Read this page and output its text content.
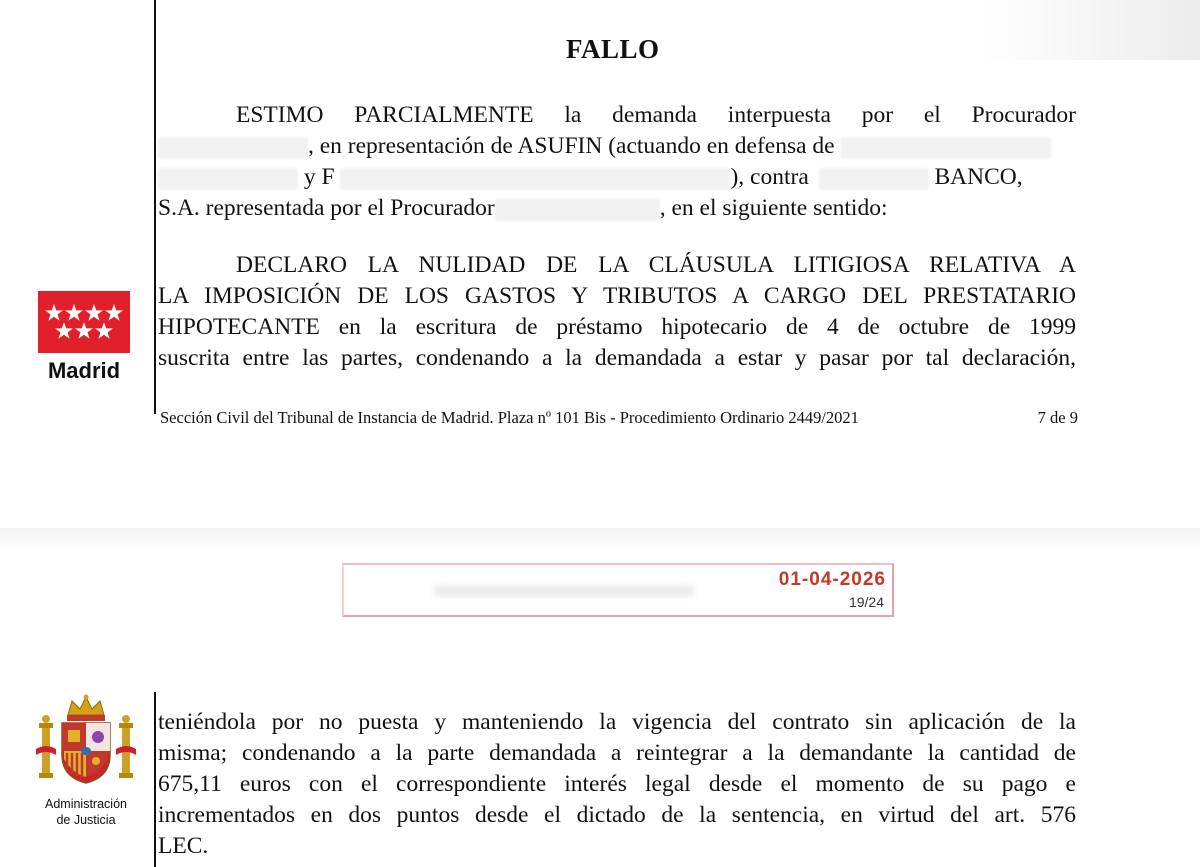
FALLO
ESTIMO PARCIALMENTE la demanda interpuesta por el Procurador
, en representación de ASUFIN (actuando en defensa de
y F	), contra	BANCO,
S.A. representada por el Procurador	, en el siguiente sentido:
DECLARO LA NULIDAD DE LA CLÁUSULA LITIGIOSA RELATIVA A
LA IMPOSICIÓN DE LOS GASTOS Y TRIBUTOS A CARGO DEL PRESTATARIO
HIPOTECANTE en la escritura de préstamo hipotecario de 4 de octubre de 1999
suscrita entre las partes, condenando a la demandada a estar y pasar por tal declaración,
Sección Civil del Tribunal de Instancia de Madrid. Plaza nº 101 Bis - Procedimiento Ordinario 2449/2021	7 de 9
Madrid
01-04-2026
19/24
teniéndola por no puesta y manteniendo la vigencia del contrato sin aplicación de la
misma; condenando a la parte demandada a reintegrar a la demandante la cantidad de
675,11 euros con el correspondiente interés legal desde el momento de su pago e
incrementados en dos puntos desde el dictado de la sentencia, en virtud del art. 576
LEC.
Administración
de Justicia
